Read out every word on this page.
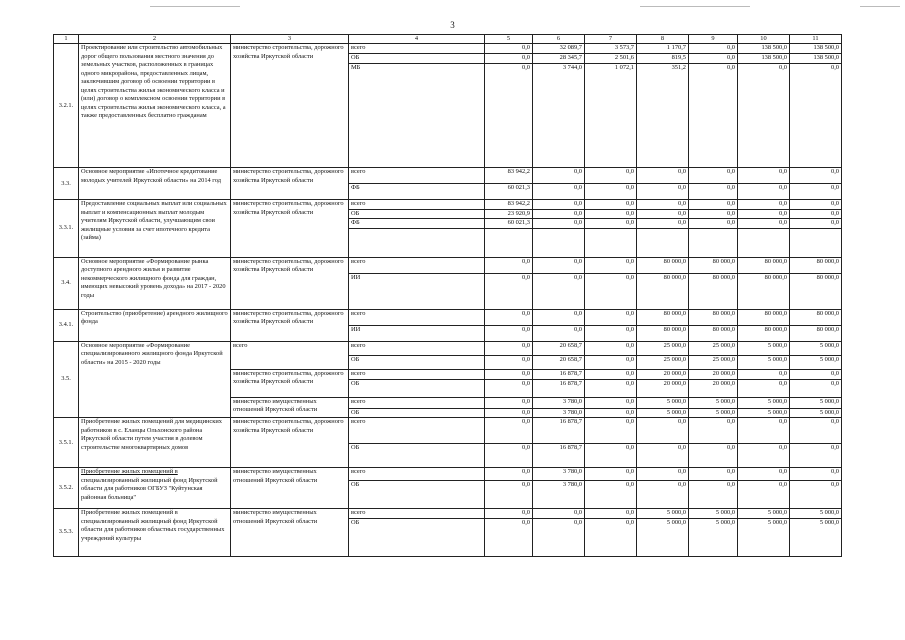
3
1	2	3	4	5	6	7	8	9	10	11
3.2.1.	Проектирование или строительство автомобильных дорог общего пользования местного значения до земельных участков, расположенных в границах одного микрорайона, предоставленных лицам, заключившим договор об освоении территории в целях строительства жилья экономического класса и (или) договор о комплексном освоении территории в целях строительства жилья экономического класса, а также предоставленных бесплатно гражданам	министерство строительства, дорожного хозяйства Иркутской области	всего	0,0	32 089,7	3 573,7	1 170,7	0,0	138 500,0	138 500,0
			ОБ	0,0	28 345,7	2 501,6	819,5	0,0	138 500,0	138 500,0
			МБ	0,0	3 744,0	1 072,1	351,2	0,0	0,0	0,0
3.3.	Основное мероприятие «Ипотечное кредитование молодых учителей Иркутской области» на 2014 год	министерство строительства, дорожного хозяйства Иркутской области	всего	83 942,2	0,0	0,0	0,0	0,0	0,0	0,0
			ФБ	60 021,3	0,0	0,0	0,0	0,0	0,0	0,0
3.3.1.	Предоставление социальных выплат или социальных выплат и компенсационных выплат молодым учителям Иркутской области, улучшающим свои жилищные условия за счет ипотечного кредита (займа)	министерство строительства, дорожного хозяйства Иркутской области	всего	83 942,2	0,0	0,0	0,0	0,0	0,0	0,0
			ОБ	23 920,9	0,0	0,0	0,0	0,0	0,0	0,0
			ФБ	60 021,3	0,0	0,0	0,0	0,0	0,0	0,0

3.4.	Основное мероприятие «Формирование рынка доступного арендного жилья и развитие некоммерческого жилищного фонда для граждан, имеющих невысокий уровень дохода» на 2017 - 2020 годы	министерство строительства, дорожного хозяйства Иркутской области	всего	0,0	0,0	0,0	80 000,0	80 000,0	80 000,0	80 000,0
			ИИ	0,0	0,0	0,0	80 000,0	80 000,0	80 000,0	80 000,0
3.4.1.	Строительство (приобретение) арендного жилищного фонда	министерство строительства, дорожного хозяйства Иркутской области	всего	0,0	0,0	0,0	80 000,0	80 000,0	80 000,0	80 000,0
			ИИ	0,0	0,0	0,0	80 000,0	80 000,0	80 000,0	80 000,0
3.5.	Основное мероприятие «Формирование специализированного жилищного фонда Иркутской области» на 2015 - 2020 годы	всего	всего	0,0	20 658,7	0,0	25 000,0	25 000,0	5 000,0	5 000,0
			ОБ	0,0	20 658,7	0,0	25 000,0	25 000,0	5 000,0	5 000,0
		министерство строительства, дорожного хозяйства Иркутской области	всего	0,0	16 878,7	0,0	20 000,0	20 000,0	0,0	0,0
			ОБ	0,0	16 878,7	0,0	20 000,0	20 000,0	0,0	0,0
		министерство имущественных отношений Иркутской области	всего	0,0	3 780,0	0,0	5 000,0	5 000,0	5 000,0	5 000,0
			ОБ	0,0	3 780,0	0,0	5 000,0	5 000,0	5 000,0	5 000,0
3.5.1.	Приобретение жилых помещений для медицинских работников в с. Еланцы Ольхонского района Иркутской области путем участия в долевом строительстве многоквартирных домов	министерство строительства, дорожного хозяйства Иркутской области	всего	0,0	16 878,7	0,0	0,0	0,0	0,0	0,0
			ОБ	0,0	16 878,7	0,0	0,0	0,0	0,0	0,0
3.5.2.	Приобретение жилых помещений в специализированный жилищный фонд Иркутской области для работников ОГБУЗ "Куйтунская районная больница"	министерство имущественных отношений Иркутской области	всего	0,0	3 780,0	0,0	0,0	0,0	0,0	0,0
			ОБ	0,0	3 780,0	0,0	0,0	0,0	0,0	0,0
3.5.3.	Приобретение жилых помещений в специализированный жилищный фонд Иркутской области для работников областных государственных учреждений культуры	министерство имущественных отношений Иркутской области	всего	0,0	0,0	0,0	5 000,0	5 000,0	5 000,0	5 000,0
			ОБ	0,0	0,0	0,0	5 000,0	5 000,0	5 000,0	5 000,0
